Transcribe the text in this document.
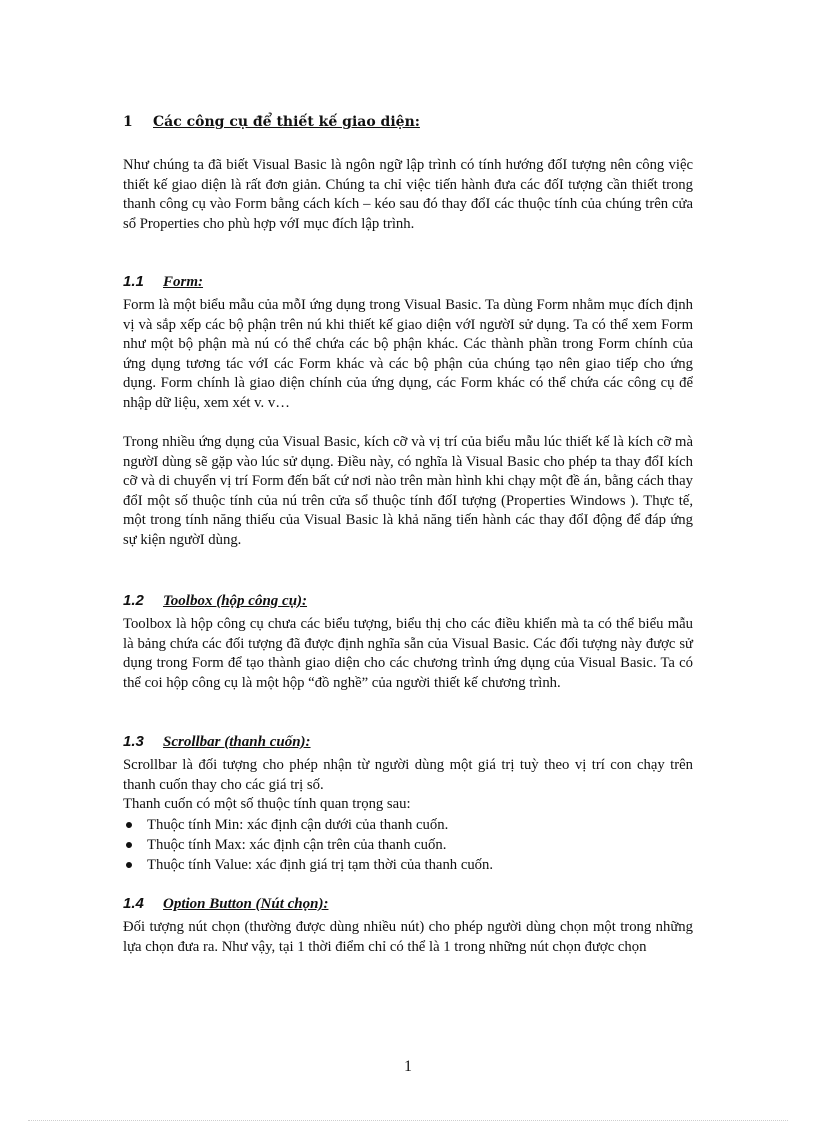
1 Các công cụ để thiết kế giao diện:

Như chúng ta đã biết Visual Basic là ngôn ngữ lập trình có tính hướng đốI tượng nên công việc thiết kế giao diện là rất đơn giản. Chúng ta chỉ việc tiến hành đưa các đốI tượng cần thiết trong thanh công cụ vào Form bằng cách kích – kéo sau đó thay đổI các thuộc tính của chúng trên cửa sổ Properties cho phù hợp vớI mục đích lập trình.

1.1 Form:

Form là một biểu mẫu của mỗI ứng dụng trong Visual Basic. Ta dùng Form nhằm mục đích định vị và sắp xếp các bộ phận trên nú khi thiết kế giao diện vớI ngườI sử dụng. Ta có thể xem Form như một bộ phận mà nú có thể chứa các bộ phận khác. Các thành phần trong Form chính của ứng dụng tương tác vớI các Form khác và các bộ phận của chúng tạo nên giao tiếp cho ứng dụng. Form chính là giao diện chính của ứng dụng, các Form khác có thể chứa các công cụ để nhập dữ liệu, xem xét v. v…

Trong nhiều ứng dụng của Visual Basic, kích cỡ và vị trí của biểu mẫu lúc thiết kế là kích cỡ mà ngườI dùng sẽ gặp vào lúc sử dụng. Điều này, có nghĩa là Visual Basic cho phép ta thay đổI kích cỡ và di chuyển vị trí Form đến bất cứ nơi nào trên màn hình khi chạy một đề án, bằng cách thay đổI một số thuộc tính của nú trên cửa sổ thuộc tính đốI tượng (Properties Windows ). Thực tế, một trong tính năng thiếu của Visual Basic là khả năng tiến hành các thay đổI động để đáp ứng sự kiện ngườI dùng.

1.2 Toolbox (hộp công cụ):

Toolbox là hộp công cụ chưa các biểu tượng, biểu thị cho các điều khiển mà ta có thể biểu mẫu là bảng chứa các đối tượng đã được định nghĩa sẵn của Visual Basic. Các đối tượng này được sử dụng trong Form để tạo thành giao diện cho các chương trình ứng dụng của Visual Basic. Ta có thể coi hộp công cụ là một hộp “đồ nghề” của người thiết kế chương trình.

1.3 Scrollbar (thanh cuốn):

Scrollbar là đối tượng cho phép nhận từ người dùng một giá trị tuỳ theo vị trí con chạy trên thanh cuốn thay cho các giá trị số.

Thanh cuốn có một số thuộc tính quan trọng sau:

Thuộc tính Min: xác định cận dưới của thanh cuốn.
Thuộc tính Max: xác định cận trên của thanh cuốn.
Thuộc tính Value: xác định giá trị tạm thời của thanh cuốn.
1.4 Option Button (Nút chọn):

Đối tượng nút chọn (thường được dùng nhiều nút) cho phép người dùng chọn một trong những lựa chọn đưa ra. Như vậy, tại 1 thời điểm chỉ có thể là 1 trong những nút chọn được chọn

1
